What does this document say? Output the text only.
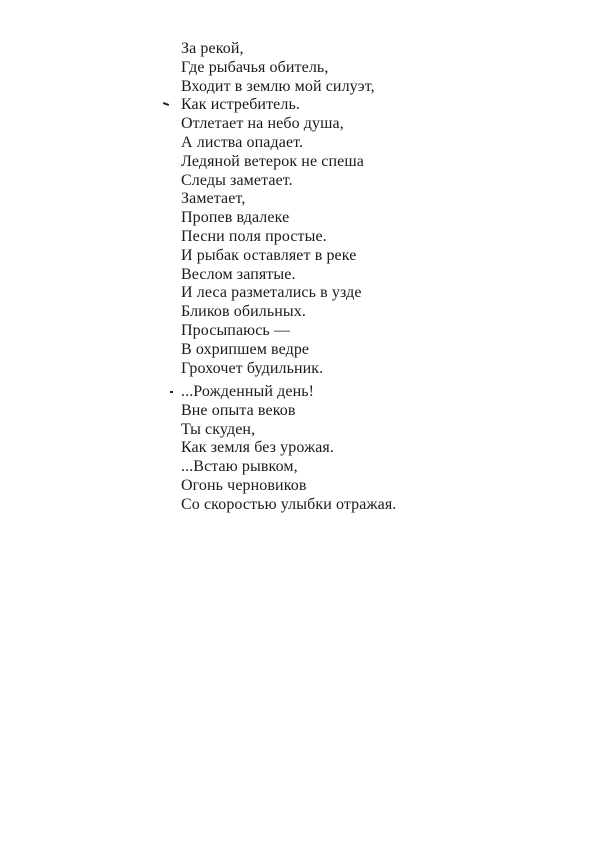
За рекой,
Где рыбачья обитель,
Входит в землю мой силуэт,
Как истребитель.
Отлетает на небо душа,
А листва опадает.
Ледяной ветерок не спеша
Следы заметает.
Заметает,
Пропев вдалеке
Песни поля простые.
И рыбак оставляет в реке
Веслом запятые.
И леса разметались в узде
Бликов обильных.
Просыпаюсь —
В охрипшем ведре
Грохочет будильник.
...Рожденный день!
Вне опыта веков
Ты скуден,
Как земля без урожая.
...Встаю рывком,
Огонь черновиков
Со скоростью улыбки отражая.
